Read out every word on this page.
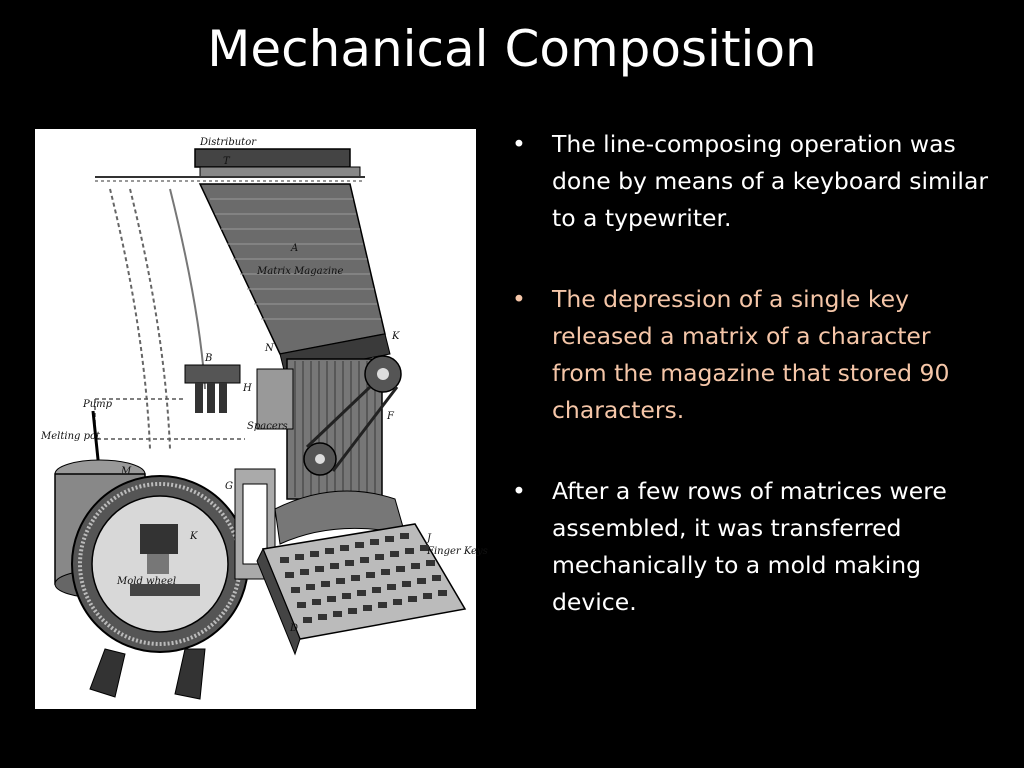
Mechanical Composition
Distributor
T
A
Matrix Magazine
N
K
F
B
H
Spacers
Pump
Melting pot
M
Mold wheel
K
G
J
Finger Keys
D
• The line-composing operation was done by means of a keyboard similar to a typewriter.
• The depression of a single key released a matrix of a character from the magazine that stored 90 characters.
• After a few rows of matrices were assembled, it was transferred mechanically to a mold making device.
